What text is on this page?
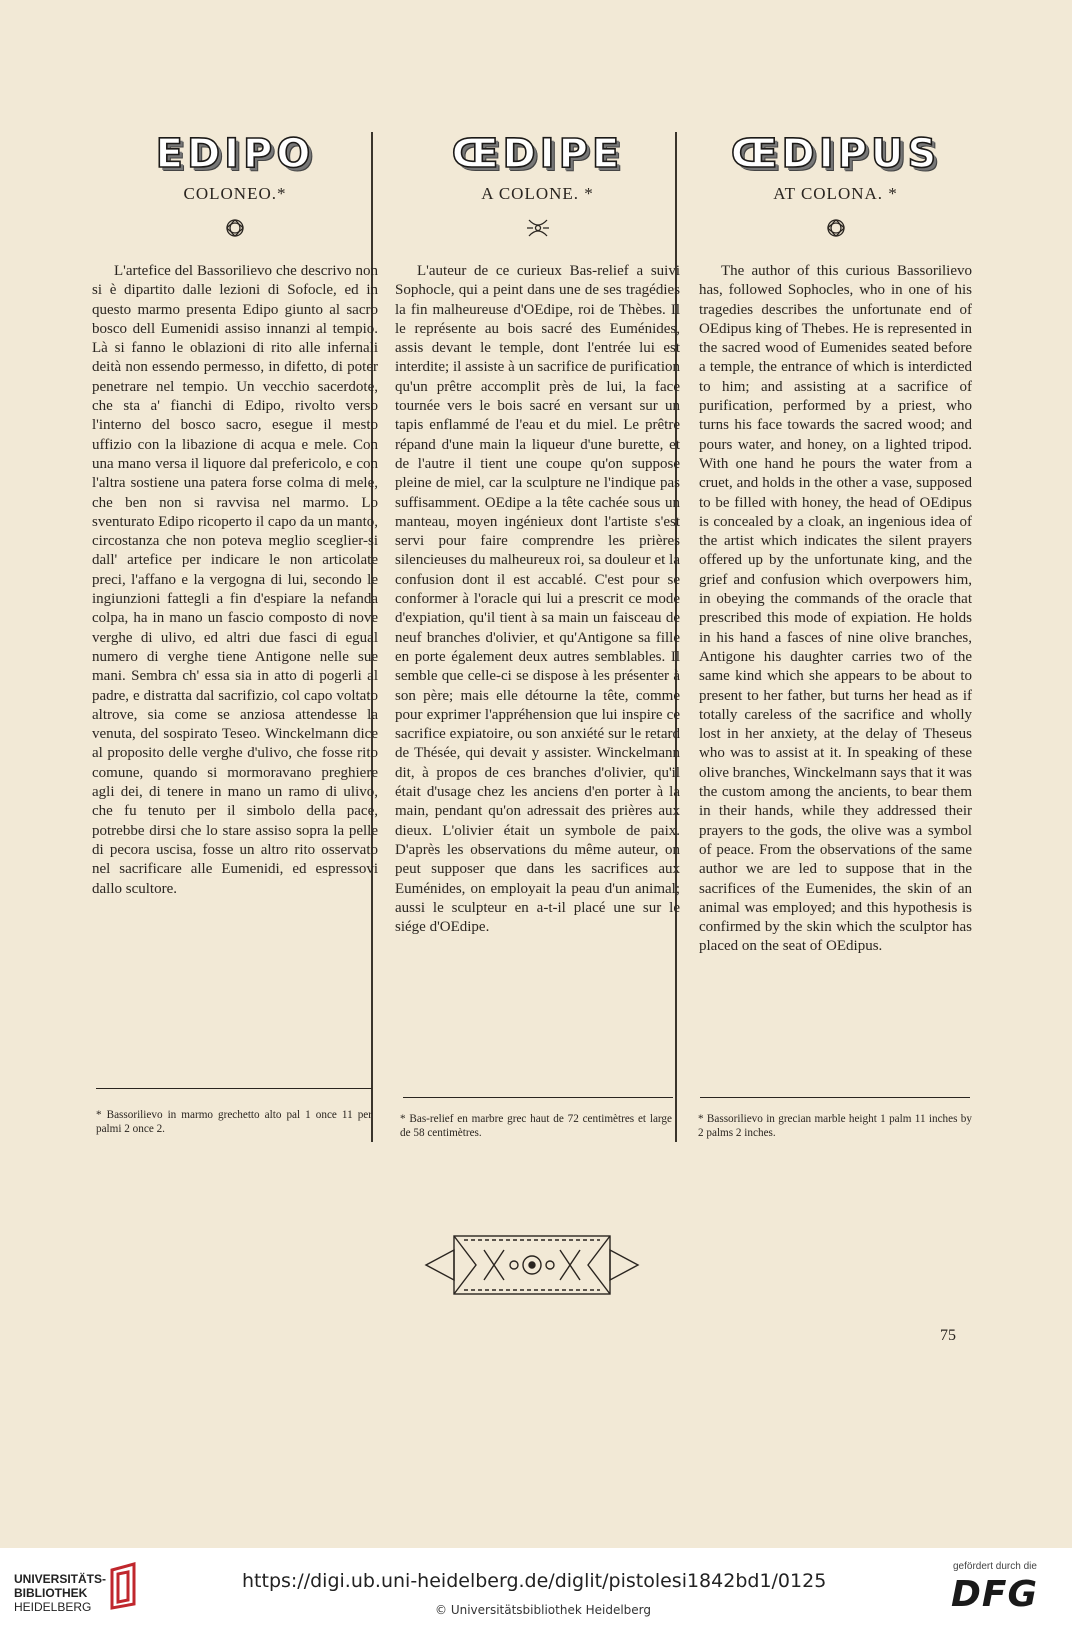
EDIPO
COLONEO.*
L'artefice del Bassorilievo che descrivo non si è dipartito dalle lezioni di Sofocle, ed in questo marmo presenta Edipo giunto al sacro bosco dell Eumenidi assiso innanzi al tempio. Là si fanno le oblazioni di rito alle infernali deità non essendo permesso, in difetto, di poter penetrare nel tempio. Un vecchio sacerdote, che sta a' fianchi di Edipo, rivolto verso l'interno del bosco sacro, esegue il mesto uffizio con la libazione di acqua e mele. Con una mano versa il liquore dal prefericolo, e con l'altra sostiene una patera forse colma di mele, che ben non si ravvisa nel marmo. Lo sventurato Edipo ricoperto il capo da un manto, circostanza che non poteva meglio sceglier-si dall' artefice per indicare le non articolate preci, l'affano e la vergogna di lui, secondo le ingiunzioni fattegli a fin d'espiare la nefanda colpa, ha in mano un fascio composto di nove verghe di ulivo, ed altri due fasci di egual numero di verghe tiene Antigone nelle sue mani. Sembra ch' essa sia in atto di pogerli al padre, e distratta dal sacrifizio, col capo voltato altrove, sia come se anziosa attendesse la venuta, del sospirato Teseo. Winckelmann dice al proposito delle verghe d'ulivo, che fosse rito comune, quando si mormoravano preghiere agli dei, di tenere in mano un ramo di ulivo, che fu tenuto per il simbolo della pace, potrebbe dirsi che lo stare assiso sopra la pelle di pecora uscisa, fosse un altro rito osservato nel sacrificare alle Eumenidi, ed espressovi dallo scultore.
ŒDIPE
A COLONE. *
L'auteur de ce curieux Bas-relief a suivi Sophocle, qui a peint dans une de ses tragédies la fin malheureuse d'OEdipe, roi de Thèbes. Il le représente au bois sacré des Euménides, assis devant le temple, dont l'entrée lui est interdite; il assiste à un sacrifice de purification qu'un prêtre accomplit près de lui, la face tournée vers le bois sacré en versant sur un tapis enflammé de l'eau et du miel. Le prêtre répand d'une main la liqueur d'une burette, et de l'autre il tient une coupe qu'on suppose pleine de miel, car la sculpture ne l'indique pas suffisamment. OEdipe a la tête cachée sous un manteau, moyen ingénieux dont l'artiste s'est servi pour faire comprendre les prières silencieuses du malheureux roi, sa douleur et la confusion dont il est accablé. C'est pour se conformer à l'oracle qui lui a prescrit ce mode d'expiation, qu'il tient à sa main un faisceau de neuf branches d'olivier, et qu'Antigone sa fille en porte également deux autres semblables. Il semble que celle-ci se dispose à les présenter à son père; mais elle détourne la tête, comme pour exprimer l'appréhension que lui inspire ce sacrifice expiatoire, ou son anxiété sur le retard de Thésée, qui devait y assister. Winckelmann dit, à propos de ces branches d'olivier, qu'il était d'usage chez les anciens d'en porter à la main, pendant qu'on adressait des prières aux dieux. L'olivier était un symbole de paix. D'après les observations du même auteur, on peut supposer que dans les sacrifices aux Euménides, on employait la peau d'un animal; aussi le sculpteur en a-t-il placé une sur le siége d'OEdipe.
ŒDIPUS
AT COLONA. *
The author of this curious Bassorilievo has, followed Sophocles, who in one of his tragedies describes the unfortunate end of OEdipus king of Thebes. He is represented in the sacred wood of Eumenides seated before a temple, the entrance of which is interdicted to him; and assisting at a sacrifice of purification, performed by a priest, who turns his face towards the sacred wood; and pours water, and honey, on a lighted tripod. With one hand he pours the water from a cruet, and holds in the other a vase, supposed to be filled with honey, the head of OEdipus is concealed by a cloak, an ingenious idea of the artist which indicates the silent prayers offered up by the unfortunate king, and the grief and confusion which overpowers him, in obeying the commands of the oracle that prescribed this mode of expiation. He holds in his hand a fasces of nine olive branches, Antigone his daughter carries two of the same kind which she appears to be about to present to her father, but turns her head as if totally careless of the sacrifice and wholly lost in her anxiety, at the delay of Theseus who was to assist at it. In speaking of these olive branches, Winckelmann says that it was the custom among the ancients, to bear them in their hands, while they addressed their prayers to the gods, the olive was a symbol of peace. From the observations of the same author we are led to suppose that in the sacrifices of the Eumenides, the skin of an animal was employed; and this hypothesis is confirmed by the skin which the sculptor has placed on the seat of OEdipus.
* Bassorilievo in marmo grechetto alto pal 1 once 11 per palmi 2 once 2.
* Bas-relief en marbre grec haut de 72 centimètres et large de 58 centimètres.
* Bassorilievo in grecian marble height 1 palm 11 inches by 2 palms 2 inches.
75
UNIVERSITÄTS-
BIBLIOTHEK
HEIDELBERG
https://digi.ub.uni-heidelberg.de/diglit/pistolesi1842bd1/0125
© Universitätsbibliothek Heidelberg
gefördert durch die
DFG
